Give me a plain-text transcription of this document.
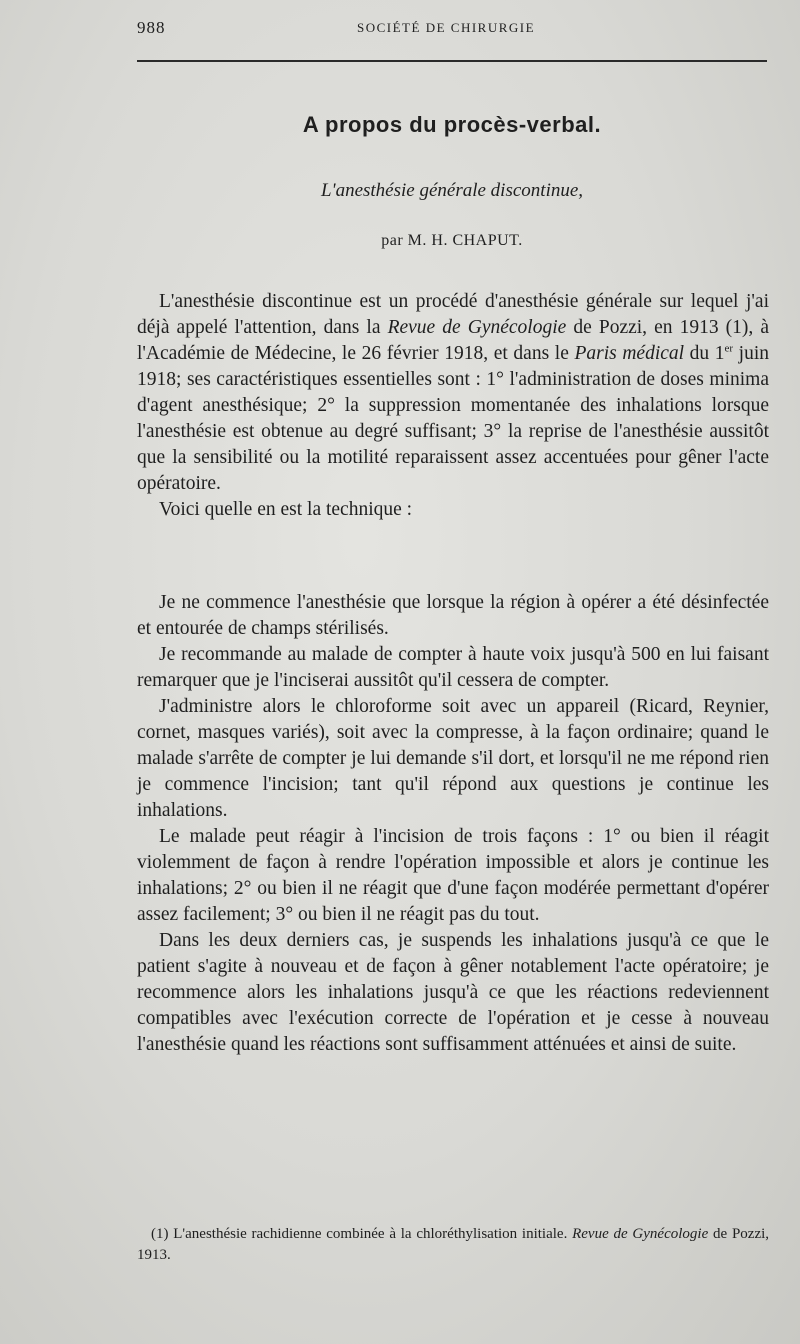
988	SOCIÉTÉ DE CHIRURGIE
A propos du procès-verbal.
L'anesthésie générale discontinue,
par M. H. CHAPUT.

L'anesthésie discontinue est un procédé d'anesthésie générale sur lequel j'ai déjà appelé l'attention, dans la Revue de Gynécologie de Pozzi, en 1913 (1), à l'Académie de Médecine, le 26 février 1918, et dans le Paris médical du 1er juin 1918; ses caractéristiques essentielles sont : 1° l'administration de doses minima d'agent anesthésique; 2° la suppression momentanée des inhalations lorsque l'anesthésie est obtenue au degré suffisant; 3° la reprise de l'anesthésie aussitôt que la sensibilité ou la motilité reparaissent assez accentuées pour gêner l'acte opératoire.

Voici quelle en est la technique :

Je ne commence l'anesthésie que lorsque la région à opérer a été désinfectée et entourée de champs stérilisés.

Je recommande au malade de compter à haute voix jusqu'à 500 en lui faisant remarquer que je l'inciserai aussitôt qu'il cessera de compter.

J'administre alors le chloroforme soit avec un appareil (Ricard, Reynier, cornet, masques variés), soit avec la compresse, à la façon ordinaire; quand le malade s'arrête de compter je lui demande s'il dort, et lorsqu'il ne me répond rien je commence l'incision; tant qu'il répond aux questions je continue les inhalations.

Le malade peut réagir à l'incision de trois façons : 1° ou bien il réagit violemment de façon à rendre l'opération impossible et alors je continue les inhalations; 2° ou bien il ne réagit que d'une façon modérée permettant d'opérer assez facilement; 3° ou bien il ne réagit pas du tout.

Dans les deux derniers cas, je suspends les inhalations jusqu'à ce que le patient s'agite à nouveau et de façon à gêner notablement l'acte opératoire; je recommence alors les inhalations jusqu'à ce que les réactions redeviennent compatibles avec l'exécution correcte de l'opération et je cesse à nouveau l'anesthésie quand les réactions sont suffisamment atténuées et ainsi de suite.

(1) L'anesthésie rachidienne combinée à la chloréthylisation initiale. Revue de Gynécologie de Pozzi, 1913.
